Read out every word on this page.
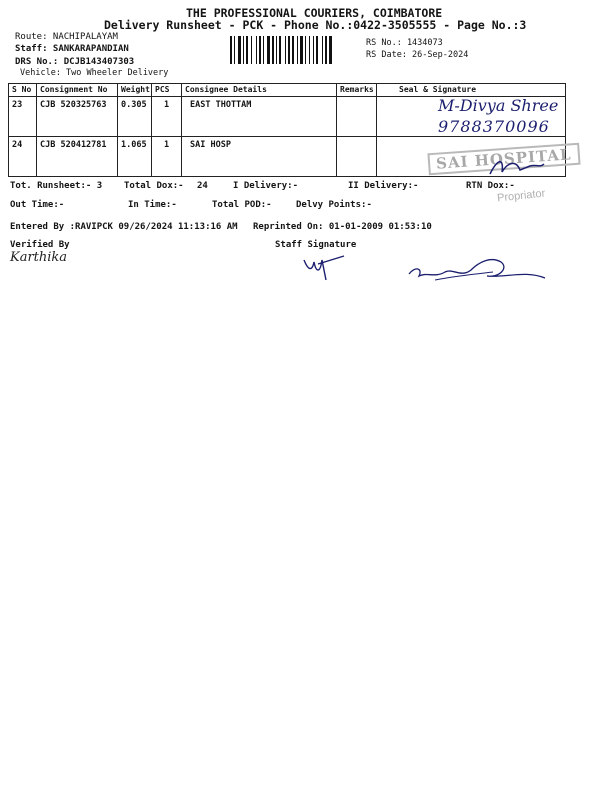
THE PROFESSIONAL COURIERS, COIMBATORE
Delivery Runsheet - PCK - Phone No.:0422-3505555 - Page No.:3
Route: NACHIPALAYAM
Staff: SANKARAPANDIAN
DRS No.: DCJB143407303
Vehicle: Two Wheeler Delivery
RS No.: 1434073
RS Date: 26-Sep-2024
S No	Consignment No	Weight	PCS	Consignee Details	Remarks	Seal & Signature
23	CJB 520325763	0.305	1	EAST THOTTAM		
24	CJB 520412781	1.065	1	SAI HOSP		
M-Divya Shree
9788370096
SAI HOSPITAL
Propriator
Tot. Runsheet:- 3 Total Dox:- 24	I Delivery:-	II Delivery:-	RTN Dox:-
Out Time:-	In Time:-	Total POD:-	Delvy Points:-
Entered By :RAVIPCK 09/26/2024 11:13:16 AM Reprinted On: 01-01-2009 01:53:10
Verified By	Staff Signature
Karthika
